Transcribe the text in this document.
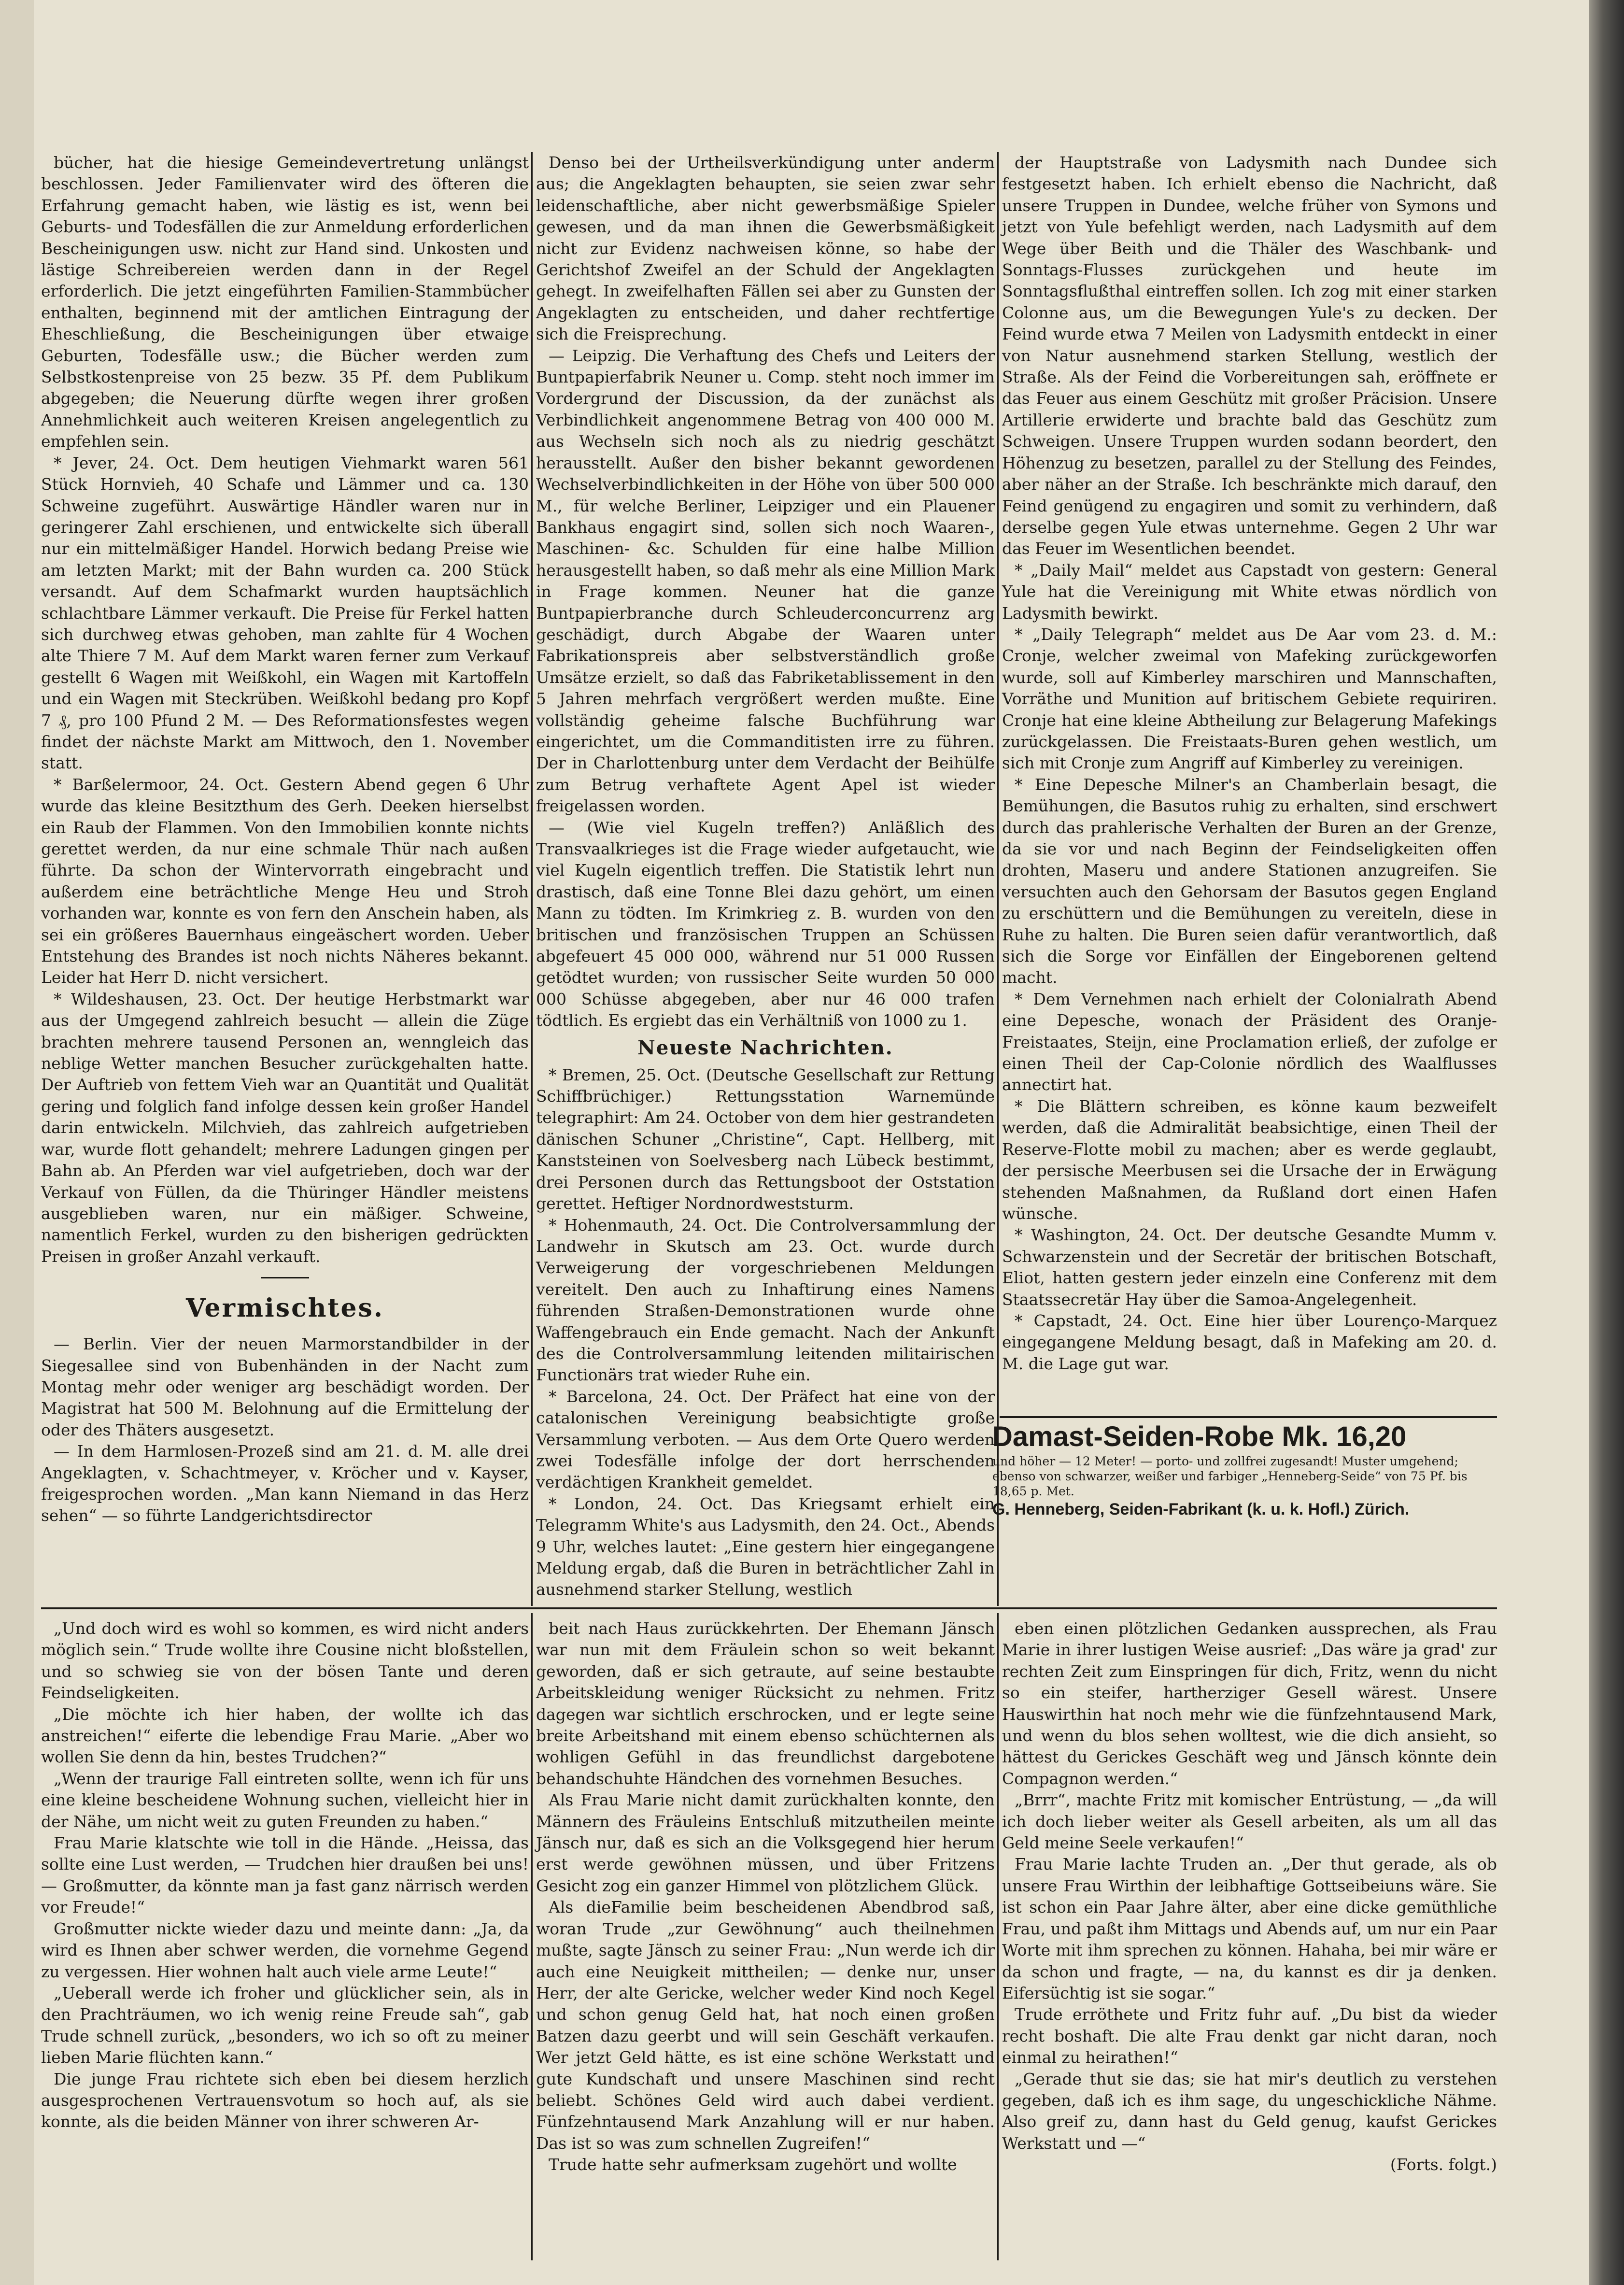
bücher, hat die hiesige Gemeindevertretung unlängst beschlossen. Jeder Familienvater wird des öfteren die Erfahrung gemacht haben, wie lästig es ist, wenn bei Geburts- und Todesfällen die zur Anmeldung erforderlichen Bescheinigungen usw. nicht zur Hand sind. Unkosten und lästige Schreibereien werden dann in der Regel erforderlich. Die jetzt eingeführten Familien-Stammbücher enthalten, beginnend mit der amtlichen Eintragung der Eheschließung, die Bescheinigungen über etwaige Geburten, Todesfälle usw.; die Bücher werden zum Selbstkostenpreise von 25 bezw. 35 Pf. dem Publikum abgegeben; die Neuerung dürfte wegen ihrer großen Annehmlichkeit auch weiteren Kreisen angelegentlich zu empfehlen sein.

* Jever, 24. Oct. Dem heutigen Viehmarkt waren 561 Stück Hornvieh, 40 Schafe und Lämmer und ca. 130 Schweine zugeführt. Auswärtige Händler waren nur in geringerer Zahl erschienen, und entwickelte sich überall nur ein mittelmäßiger Handel. Horwich bedang Preise wie am letzten Markt; mit der Bahn wurden ca. 200 Stück versandt. Auf dem Schafmarkt wurden hauptsächlich schlachtbare Lämmer verkauft. Die Preise für Ferkel hatten sich durchweg etwas gehoben, man zahlte für 4 Wochen alte Thiere 7 M. Auf dem Markt waren ferner zum Verkauf gestellt 6 Wagen mit Weißkohl, ein Wagen mit Kartoffeln und ein Wagen mit Steckrüben. Weißkohl bedang pro Kopf 7 ₰, pro 100 Pfund 2 M. — Des Reformationsfestes wegen findet der nächste Markt am Mittwoch, den 1. November statt.

* Barßelermoor, 24. Oct. Gestern Abend gegen 6 Uhr wurde das kleine Besitzthum des Gerh. Deeken hierselbst ein Raub der Flammen. Von den Immobilien konnte nichts gerettet werden, da nur eine schmale Thür nach außen führte. Da schon der Wintervorrath eingebracht und außerdem eine beträchtliche Menge Heu und Stroh vorhanden war, konnte es von fern den Anschein haben, als sei ein größeres Bauernhaus eingeäschert worden. Ueber Entstehung des Brandes ist noch nichts Näheres bekannt. Leider hat Herr D. nicht versichert.

* Wildeshausen, 23. Oct. Der heutige Herbstmarkt war aus der Umgegend zahlreich besucht — allein die Züge brachten mehrere tausend Personen an, wenngleich das neblige Wetter manchen Besucher zurückgehalten hatte. Der Auftrieb von fettem Vieh war an Quantität und Qualität gering und folglich fand infolge dessen kein großer Handel darin entwickeln. Milchvieh, das zahlreich aufgetrieben war, wurde flott gehandelt; mehrere Ladungen gingen per Bahn ab. An Pferden war viel aufgetrieben, doch war der Verkauf von Füllen, da die Thüringer Händler meistens ausgeblieben waren, nur ein mäßiger. Schweine, namentlich Ferkel, wurden zu den bisherigen gedrückten Preisen in großer Anzahl verkauft.

Vermischtes.

— Berlin. Vier der neuen Marmorstandbilder in der Siegesallee sind von Bubenhänden in der Nacht zum Montag mehr oder weniger arg beschädigt worden. Der Magistrat hat 500 M. Belohnung auf die Ermittelung der oder des Thäters ausgesetzt.

— In dem Harmlosen-Prozeß sind am 21. d. M. alle drei Angeklagten, v. Schachtmeyer, v. Kröcher und v. Kayser, freigesprochen worden. „Man kann Niemand in das Herz sehen“ — so führte Landgerichtsdirector

Denso bei der Urtheilsverkündigung unter anderm aus; die Angeklagten behaupten, sie seien zwar sehr leidenschaftliche, aber nicht gewerbsmäßige Spieler gewesen, und da man ihnen die Gewerbsmäßigkeit nicht zur Evidenz nachweisen könne, so habe der Gerichtshof Zweifel an der Schuld der Angeklagten gehegt. In zweifelhaften Fällen sei aber zu Gunsten der Angeklagten zu entscheiden, und daher rechtfertige sich die Freisprechung.

— Leipzig. Die Verhaftung des Chefs und Leiters der Buntpapierfabrik Neuner u. Comp. steht noch immer im Vordergrund der Discussion, da der zunächst als Verbindlichkeit angenommene Betrag von 400 000 M. aus Wechseln sich noch als zu niedrig geschätzt herausstellt. Außer den bisher bekannt gewordenen Wechselverbindlichkeiten in der Höhe von über 500 000 M., für welche Berliner, Leipziger und ein Plauener Bankhaus engagirt sind, sollen sich noch Waaren-, Maschinen- &c. Schulden für eine halbe Million herausgestellt haben, so daß mehr als eine Million Mark in Frage kommen. Neuner hat die ganze Buntpapierbranche durch Schleuderconcurrenz arg geschädigt, durch Abgabe der Waaren unter Fabrikationspreis aber selbstverständlich große Umsätze erzielt, so daß das Fabriketablissement in den 5 Jahren mehrfach vergrößert werden mußte. Eine vollständig geheime falsche Buchführung war eingerichtet, um die Commanditisten irre zu führen. Der in Charlottenburg unter dem Verdacht der Beihülfe zum Betrug verhaftete Agent Apel ist wieder freigelassen worden.

— (Wie viel Kugeln treffen?) Anläßlich des Transvaalkrieges ist die Frage wieder aufgetaucht, wie viel Kugeln eigentlich treffen. Die Statistik lehrt nun drastisch, daß eine Tonne Blei dazu gehört, um einen Mann zu tödten. Im Krimkrieg z. B. wurden von den britischen und französischen Truppen an Schüssen abgefeuert 45 000 000, während nur 51 000 Russen getödtet wurden; von russischer Seite wurden 50 000 000 Schüsse abgegeben, aber nur 46 000 trafen tödtlich. Es ergiebt das ein Verhältniß von 1000 zu 1.

Neueste Nachrichten.

* Bremen, 25. Oct. (Deutsche Gesellschaft zur Rettung Schiffbrüchiger.) Rettungsstation Warnemünde telegraphirt: Am 24. October von dem hier gestrandeten dänischen Schuner „Christine“, Capt. Hellberg, mit Kanststeinen von Soelvesberg nach Lübeck bestimmt, drei Personen durch das Rettungsboot der Oststation gerettet. Heftiger Nordnordweststurm.

* Hohenmauth, 24. Oct. Die Controlversammlung der Landwehr in Skutsch am 23. Oct. wurde durch Verweigerung der vorgeschriebenen Meldungen vereitelt. Den auch zu Inhaftirung eines Namens führenden Straßen-Demonstrationen wurde ohne Waffengebrauch ein Ende gemacht. Nach der Ankunft des die Controlversammlung leitenden militairischen Functionärs trat wieder Ruhe ein.

* Barcelona, 24. Oct. Der Präfect hat eine von der catalonischen Vereinigung beabsichtigte große Versammlung verboten. — Aus dem Orte Quero werden zwei Todesfälle infolge der dort herrschenden verdächtigen Krankheit gemeldet.

* London, 24. Oct. Das Kriegsamt erhielt ein Telegramm White's aus Ladysmith, den 24. Oct., Abends 9 Uhr, welches lautet: „Eine gestern hier eingegangene Meldung ergab, daß die Buren in beträchtlicher Zahl in ausnehmend starker Stellung, westlich

der Hauptstraße von Ladysmith nach Dundee sich festgesetzt haben. Ich erhielt ebenso die Nachricht, daß unsere Truppen in Dundee, welche früher von Symons und jetzt von Yule befehligt werden, nach Ladysmith auf dem Wege über Beith und die Thäler des Waschbank- und Sonntags-Flusses zurückgehen und heute im Sonntagsflußthal eintreffen sollen. Ich zog mit einer starken Colonne aus, um die Bewegungen Yule's zu decken. Der Feind wurde etwa 7 Meilen von Ladysmith entdeckt in einer von Natur ausnehmend starken Stellung, westlich der Straße. Als der Feind die Vorbereitungen sah, eröffnete er das Feuer aus einem Geschütz mit großer Präcision. Unsere Artillerie erwiderte und brachte bald das Geschütz zum Schweigen. Unsere Truppen wurden sodann beordert, den Höhenzug zu besetzen, parallel zu der Stellung des Feindes, aber näher an der Straße. Ich beschränkte mich darauf, den Feind genügend zu engagiren und somit zu verhindern, daß derselbe gegen Yule etwas unternehme. Gegen 2 Uhr war das Feuer im Wesentlichen beendet.

* „Daily Mail“ meldet aus Capstadt von gestern: General Yule hat die Vereinigung mit White etwas nördlich von Ladysmith bewirkt.

* „Daily Telegraph“ meldet aus De Aar vom 23. d. M.: Cronje, welcher zweimal von Mafeking zurückgeworfen wurde, soll auf Kimberley marschiren und Mannschaften, Vorräthe und Munition auf britischem Gebiete requiriren. Cronje hat eine kleine Abtheilung zur Belagerung Mafekings zurückgelassen. Die Freistaats-Buren gehen westlich, um sich mit Cronje zum Angriff auf Kimberley zu vereinigen.

* Eine Depesche Milner's an Chamberlain besagt, die Bemühungen, die Basutos ruhig zu erhalten, sind erschwert durch das prahlerische Verhalten der Buren an der Grenze, da sie vor und nach Beginn der Feindseligkeiten offen drohten, Maseru und andere Stationen anzugreifen. Sie versuchten auch den Gehorsam der Basutos gegen England zu erschüttern und die Bemühungen zu vereiteln, diese in Ruhe zu halten. Die Buren seien dafür verantwortlich, daß sich die Sorge vor Einfällen der Eingeborenen geltend macht.

* Dem Vernehmen nach erhielt der Colonialrath Abend eine Depesche, wonach der Präsident des Oranje-Freistaates, Steijn, eine Proclamation erließ, der zufolge er einen Theil der Cap-Colonie nördlich des Waalflusses annectirt hat.

* Die Blättern schreiben, es könne kaum bezweifelt werden, daß die Admiralität beabsichtige, einen Theil der Reserve-Flotte mobil zu machen; aber es werde geglaubt, der persische Meerbusen sei die Ursache der in Erwägung stehenden Maßnahmen, da Rußland dort einen Hafen wünsche.

* Washington, 24. Oct. Der deutsche Gesandte Mumm v. Schwarzenstein und der Secretär der britischen Botschaft, Eliot, hatten gestern jeder einzeln eine Conferenz mit dem Staatssecretär Hay über die Samoa-Angelegenheit.

* Capstadt, 24. Oct. Eine hier über Lourenço-Marquez eingegangene Meldung besagt, daß in Mafeking am 20. d. M. die Lage gut war.

Damast-Seiden-Robe Mk. 16,20
und höher — 12 Meter! — porto- und zollfrei zugesandt! Muster umgehend; ebenso von schwarzer, weißer und farbiger „Henneberg-Seide“ von 75 Pf. bis 18,65 p. Met.
G. Henneberg, Seiden-Fabrikant (k. u. k. Hofl.) Zürich.

„Und doch wird es wohl so kommen, es wird nicht anders möglich sein.“ Trude wollte ihre Cousine nicht bloßstellen, und so schwieg sie von der bösen Tante und deren Feindseligkeiten.

„Die möchte ich hier haben, der wollte ich das anstreichen!“ eiferte die lebendige Frau Marie. „Aber wo wollen Sie denn da hin, bestes Trudchen?“

„Wenn der traurige Fall eintreten sollte, wenn ich für uns eine kleine bescheidene Wohnung suchen, vielleicht hier in der Nähe, um nicht weit zu guten Freunden zu haben.“

Frau Marie klatschte wie toll in die Hände. „Heissa, das sollte eine Lust werden, — Trudchen hier draußen bei uns! — Großmutter, da könnte man ja fast ganz närrisch werden vor Freude!“

Großmutter nickte wieder dazu und meinte dann: „Ja, da wird es Ihnen aber schwer werden, die vornehme Gegend zu vergessen. Hier wohnen halt auch viele arme Leute!“

„Ueberall werde ich froher und glücklicher sein, als in den Prachträumen, wo ich wenig reine Freude sah“, gab Trude schnell zurück, „besonders, wo ich so oft zu meiner lieben Marie flüchten kann.“

Die junge Frau richtete sich eben bei diesem herzlich ausgesprochenen Vertrauensvotum so hoch auf, als sie konnte, als die beiden Männer von ihrer schweren Ar-

beit nach Haus zurückkehrten. Der Ehemann Jänsch war nun mit dem Fräulein schon so weit bekannt geworden, daß er sich getraute, auf seine bestaubte Arbeitskleidung weniger Rücksicht zu nehmen. Fritz dagegen war sichtlich erschrocken, und er legte seine breite Arbeitshand mit einem ebenso schüchternen als wohligen Gefühl in das freundlichst dargebotene behandschuhte Händchen des vornehmen Besuches.

Als Frau Marie nicht damit zurückhalten konnte, den Männern des Fräuleins Entschluß mitzutheilen meinte Jänsch nur, daß es sich an die Volksgegend hier herum erst werde gewöhnen müssen, und über Fritzens Gesicht zog ein ganzer Himmel von plötzlichem Glück.

Als dieFamilie beim bescheidenen Abendbrod saß, woran Trude „zur Gewöhnung“ auch theilnehmen mußte, sagte Jänsch zu seiner Frau: „Nun werde ich dir auch eine Neuigkeit mittheilen; — denke nur, unser Herr, der alte Gericke, welcher weder Kind noch Kegel und schon genug Geld hat, hat noch einen großen Batzen dazu geerbt und will sein Geschäft verkaufen. Wer jetzt Geld hätte, es ist eine schöne Werkstatt und gute Kundschaft und unsere Maschinen sind recht beliebt. Schönes Geld wird auch dabei verdient. Fünfzehntausend Mark Anzahlung will er nur haben. Das ist so was zum schnellen Zugreifen!“

Trude hatte sehr aufmerksam zugehört und wollte

eben einen plötzlichen Gedanken aussprechen, als Frau Marie in ihrer lustigen Weise ausrief: „Das wäre ja grad' zur rechten Zeit zum Einspringen für dich, Fritz, wenn du nicht so ein steifer, hartherziger Gesell wärest. Unsere Hauswirthin hat noch mehr wie die fünfzehntausend Mark, und wenn du blos sehen wolltest, wie die dich ansieht, so hättest du Gerickes Geschäft weg und Jänsch könnte dein Compagnon werden.“

„Brrr“, machte Fritz mit komischer Entrüstung, — „da will ich doch lieber weiter als Gesell arbeiten, als um all das Geld meine Seele verkaufen!“

Frau Marie lachte Truden an. „Der thut gerade, als ob unsere Frau Wirthin der leibhaftige Gottseibeiuns wäre. Sie ist schon ein Paar Jahre älter, aber eine dicke gemüthliche Frau, und paßt ihm Mittags und Abends auf, um nur ein Paar Worte mit ihm sprechen zu können. Hahaha, bei mir wäre er da schon und fragte, — na, du kannst es dir ja denken. Eifersüchtig ist sie sogar.“

Trude erröthete und Fritz fuhr auf. „Du bist da wieder recht boshaft. Die alte Frau denkt gar nicht daran, noch einmal zu heirathen!“

„Gerade thut sie das; sie hat mir's deutlich zu verstehen gegeben, daß ich es ihm sage, du ungeschickliche Nähme. Also greif zu, dann hast du Geld genug, kaufst Gerickes Werkstatt und —“

(Forts. folgt.)
